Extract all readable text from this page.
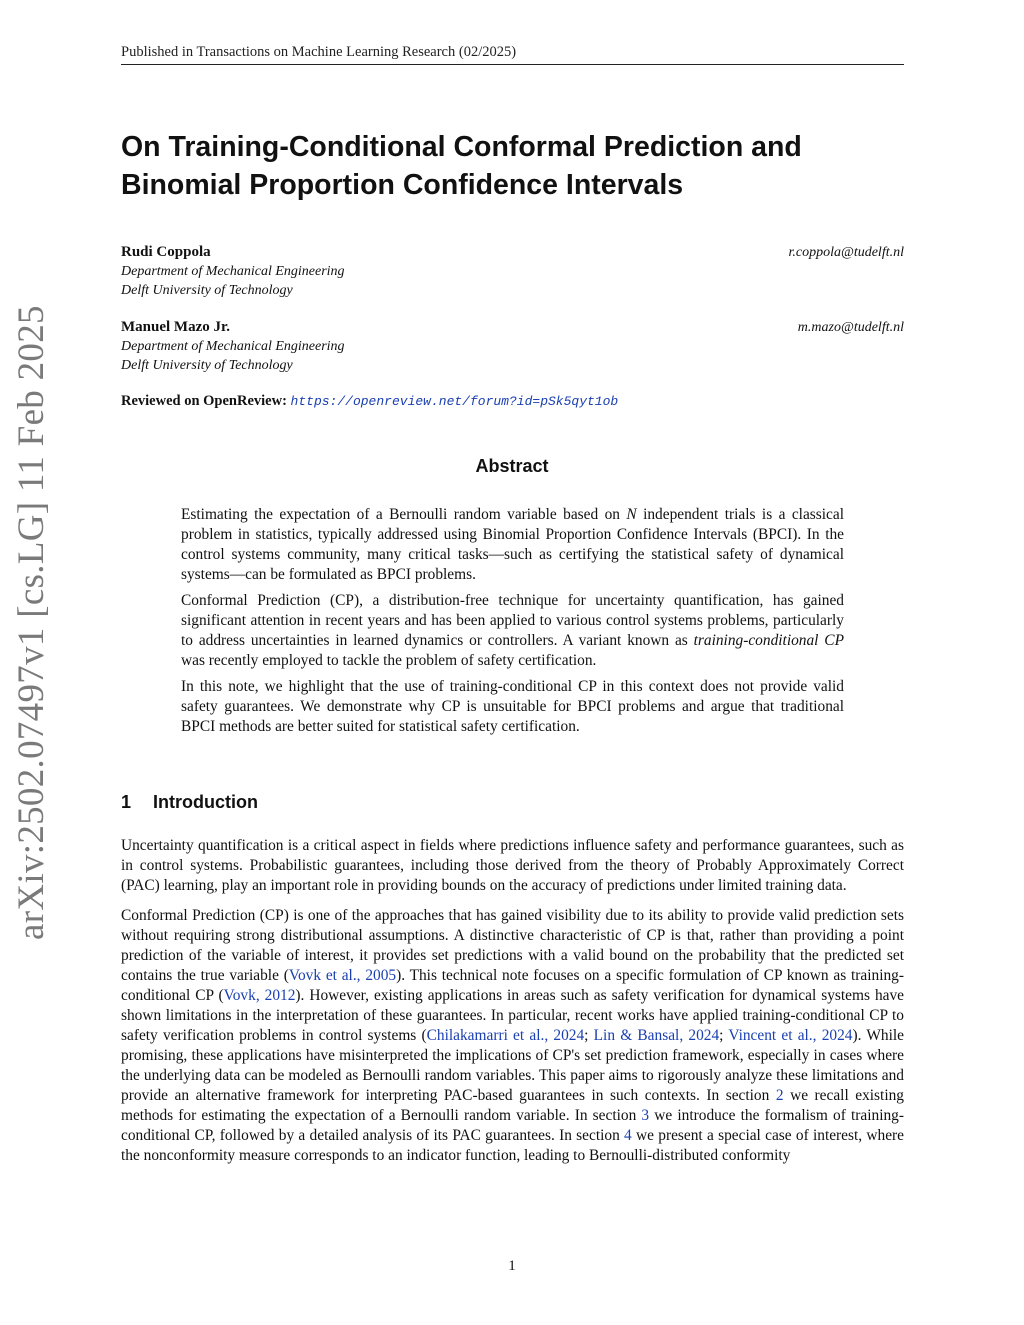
Published in Transactions on Machine Learning Research (02/2025)
arXiv:2502.07497v1 [cs.LG] 11 Feb 2025
On Training-Conditional Conformal Prediction and Binomial Proportion Confidence Intervals
Rudi Coppola	r.coppola@tudelft.nl
Department of Mechanical Engineering
Delft University of Technology
Manuel Mazo Jr.	m.mazo@tudelft.nl
Department of Mechanical Engineering
Delft University of Technology
Reviewed on OpenReview: https://openreview.net/forum?id=pSk5qyt1ob
Abstract

Estimating the expectation of a Bernoulli random variable based on N independent trials is a classical problem in statistics, typically addressed using Binomial Proportion Confidence Intervals (BPCI). In the control systems community, many critical tasks—such as certifying the statistical safety of dynamical systems—can be formulated as BPCI problems.

Conformal Prediction (CP), a distribution-free technique for uncertainty quantification, has gained significant attention in recent years and has been applied to various control systems problems, particularly to address uncertainties in learned dynamics or controllers. A variant known as training-conditional CP was recently employed to tackle the problem of safety certification.

In this note, we highlight that the use of training-conditional CP in this context does not provide valid safety guarantees. We demonstrate why CP is unsuitable for BPCI problems and argue that traditional BPCI methods are better suited for statistical safety certification.

1 Introduction

Uncertainty quantification is a critical aspect in fields where predictions influence safety and performance guarantees, such as in control systems. Probabilistic guarantees, including those derived from the theory of Probably Approximately Correct (PAC) learning, play an important role in providing bounds on the accuracy of predictions under limited training data.

Conformal Prediction (CP) is one of the approaches that has gained visibility due to its ability to provide valid prediction sets without requiring strong distributional assumptions. A distinctive characteristic of CP is that, rather than providing a point prediction of the variable of interest, it provides set predictions with a valid bound on the probability that the predicted set contains the true variable (Vovk et al., 2005). This technical note focuses on a specific formulation of CP known as training-conditional CP (Vovk, 2012). However, existing applications in areas such as safety verification for dynamical systems have shown limitations in the interpretation of these guarantees. In particular, recent works have applied training-conditional CP to safety verification problems in control systems (Chilakamarri et al., 2024; Lin & Bansal, 2024; Vincent et al., 2024). While promising, these applications have misinterpreted the implications of CP's set prediction framework, especially in cases where the underlying data can be modeled as Bernoulli random variables. This paper aims to rigorously analyze these limitations and provide an alternative framework for interpreting PAC-based guarantees in such contexts. In section 2 we recall existing methods for estimating the expectation of a Bernoulli random variable. In section 3 we introduce the formalism of training-conditional CP, followed by a detailed analysis of its PAC guarantees. In section 4 we present a special case of interest, where the nonconformity measure corresponds to an indicator function, leading to Bernoulli-distributed conformity

1
